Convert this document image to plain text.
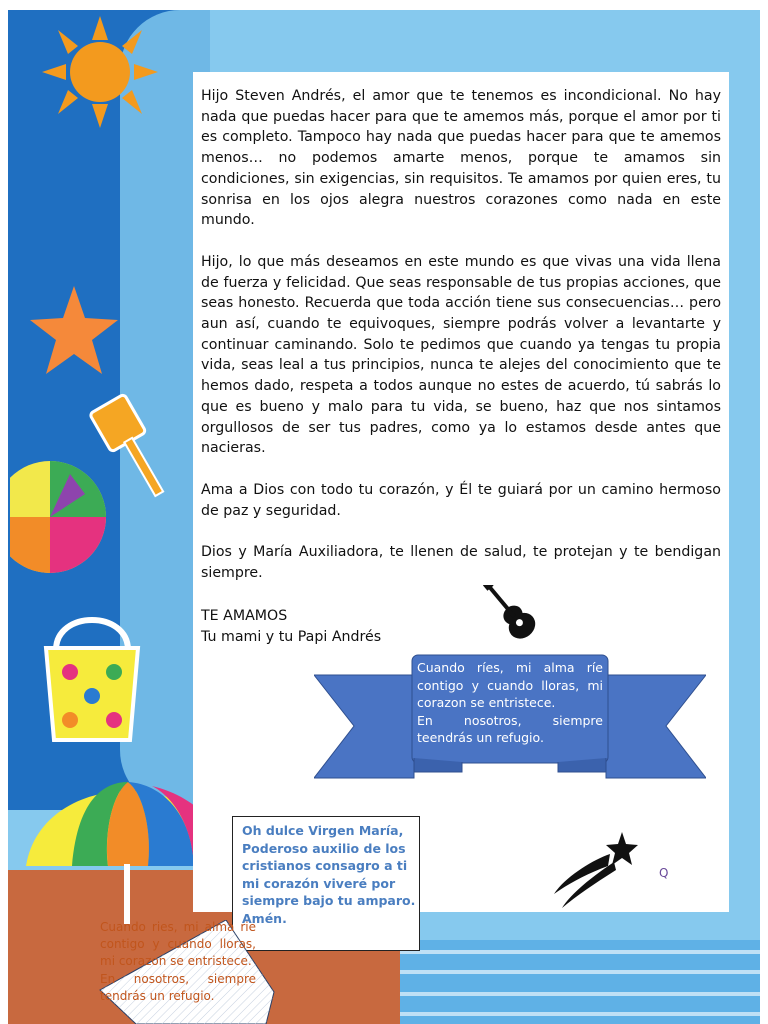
Hijo Steven Andrés, el amor que te tenemos es incondicional. No hay nada que puedas hacer para que te amemos más, porque el amor por ti es completo. Tampoco hay nada que puedas hacer para que te amemos menos… no podemos amarte menos, porque te amamos sin condiciones, sin exigencias, sin requisitos. Te amamos por quien eres, tu sonrisa en los ojos alegra nuestros corazones como nada en este mundo.

Hijo, lo que más deseamos en este mundo es que vivas una vida llena de fuerza y felicidad. Que seas responsable de tus propias acciones, que seas honesto. Recuerda que toda acción tiene sus consecuencias… pero aun así, cuando te equivoques, siempre podrás volver a levantarte y continuar caminando. Solo te pedimos que cuando ya tengas tu propia vida, seas leal a tus principios, nunca te alejes del conocimiento que te hemos dado, respeta a todos aunque no estes de acuerdo, tú sabrás lo que es bueno y malo para tu vida, se bueno, haz que nos sintamos orgullosos de ser tus padres, como ya lo estamos desde antes que nacieras.

Ama a Dios con todo tu corazón, y Él te guiará por un camino hermoso de paz y seguridad.

Dios y María Auxiliadora, te llenen de salud, te protejan y te bendigan siempre.

TE AMAMOS
Tu mami y tu Papi Andrés
Cuando ríes, mi alma ríe contigo y cuando lloras, mi corazon se entristece.
En nosotros, siempre teendrás un refugio.
Oh dulce Virgen María, Poderoso auxilio de los cristianos consagro a ti mi corazón viveré por siempre bajo tu amparo. Amén.
Q
Cuando ries, mi alma rie contigo y cuando lloras, mi corazon se entristece.
En nosotros, siempre tendrás un refugio.
